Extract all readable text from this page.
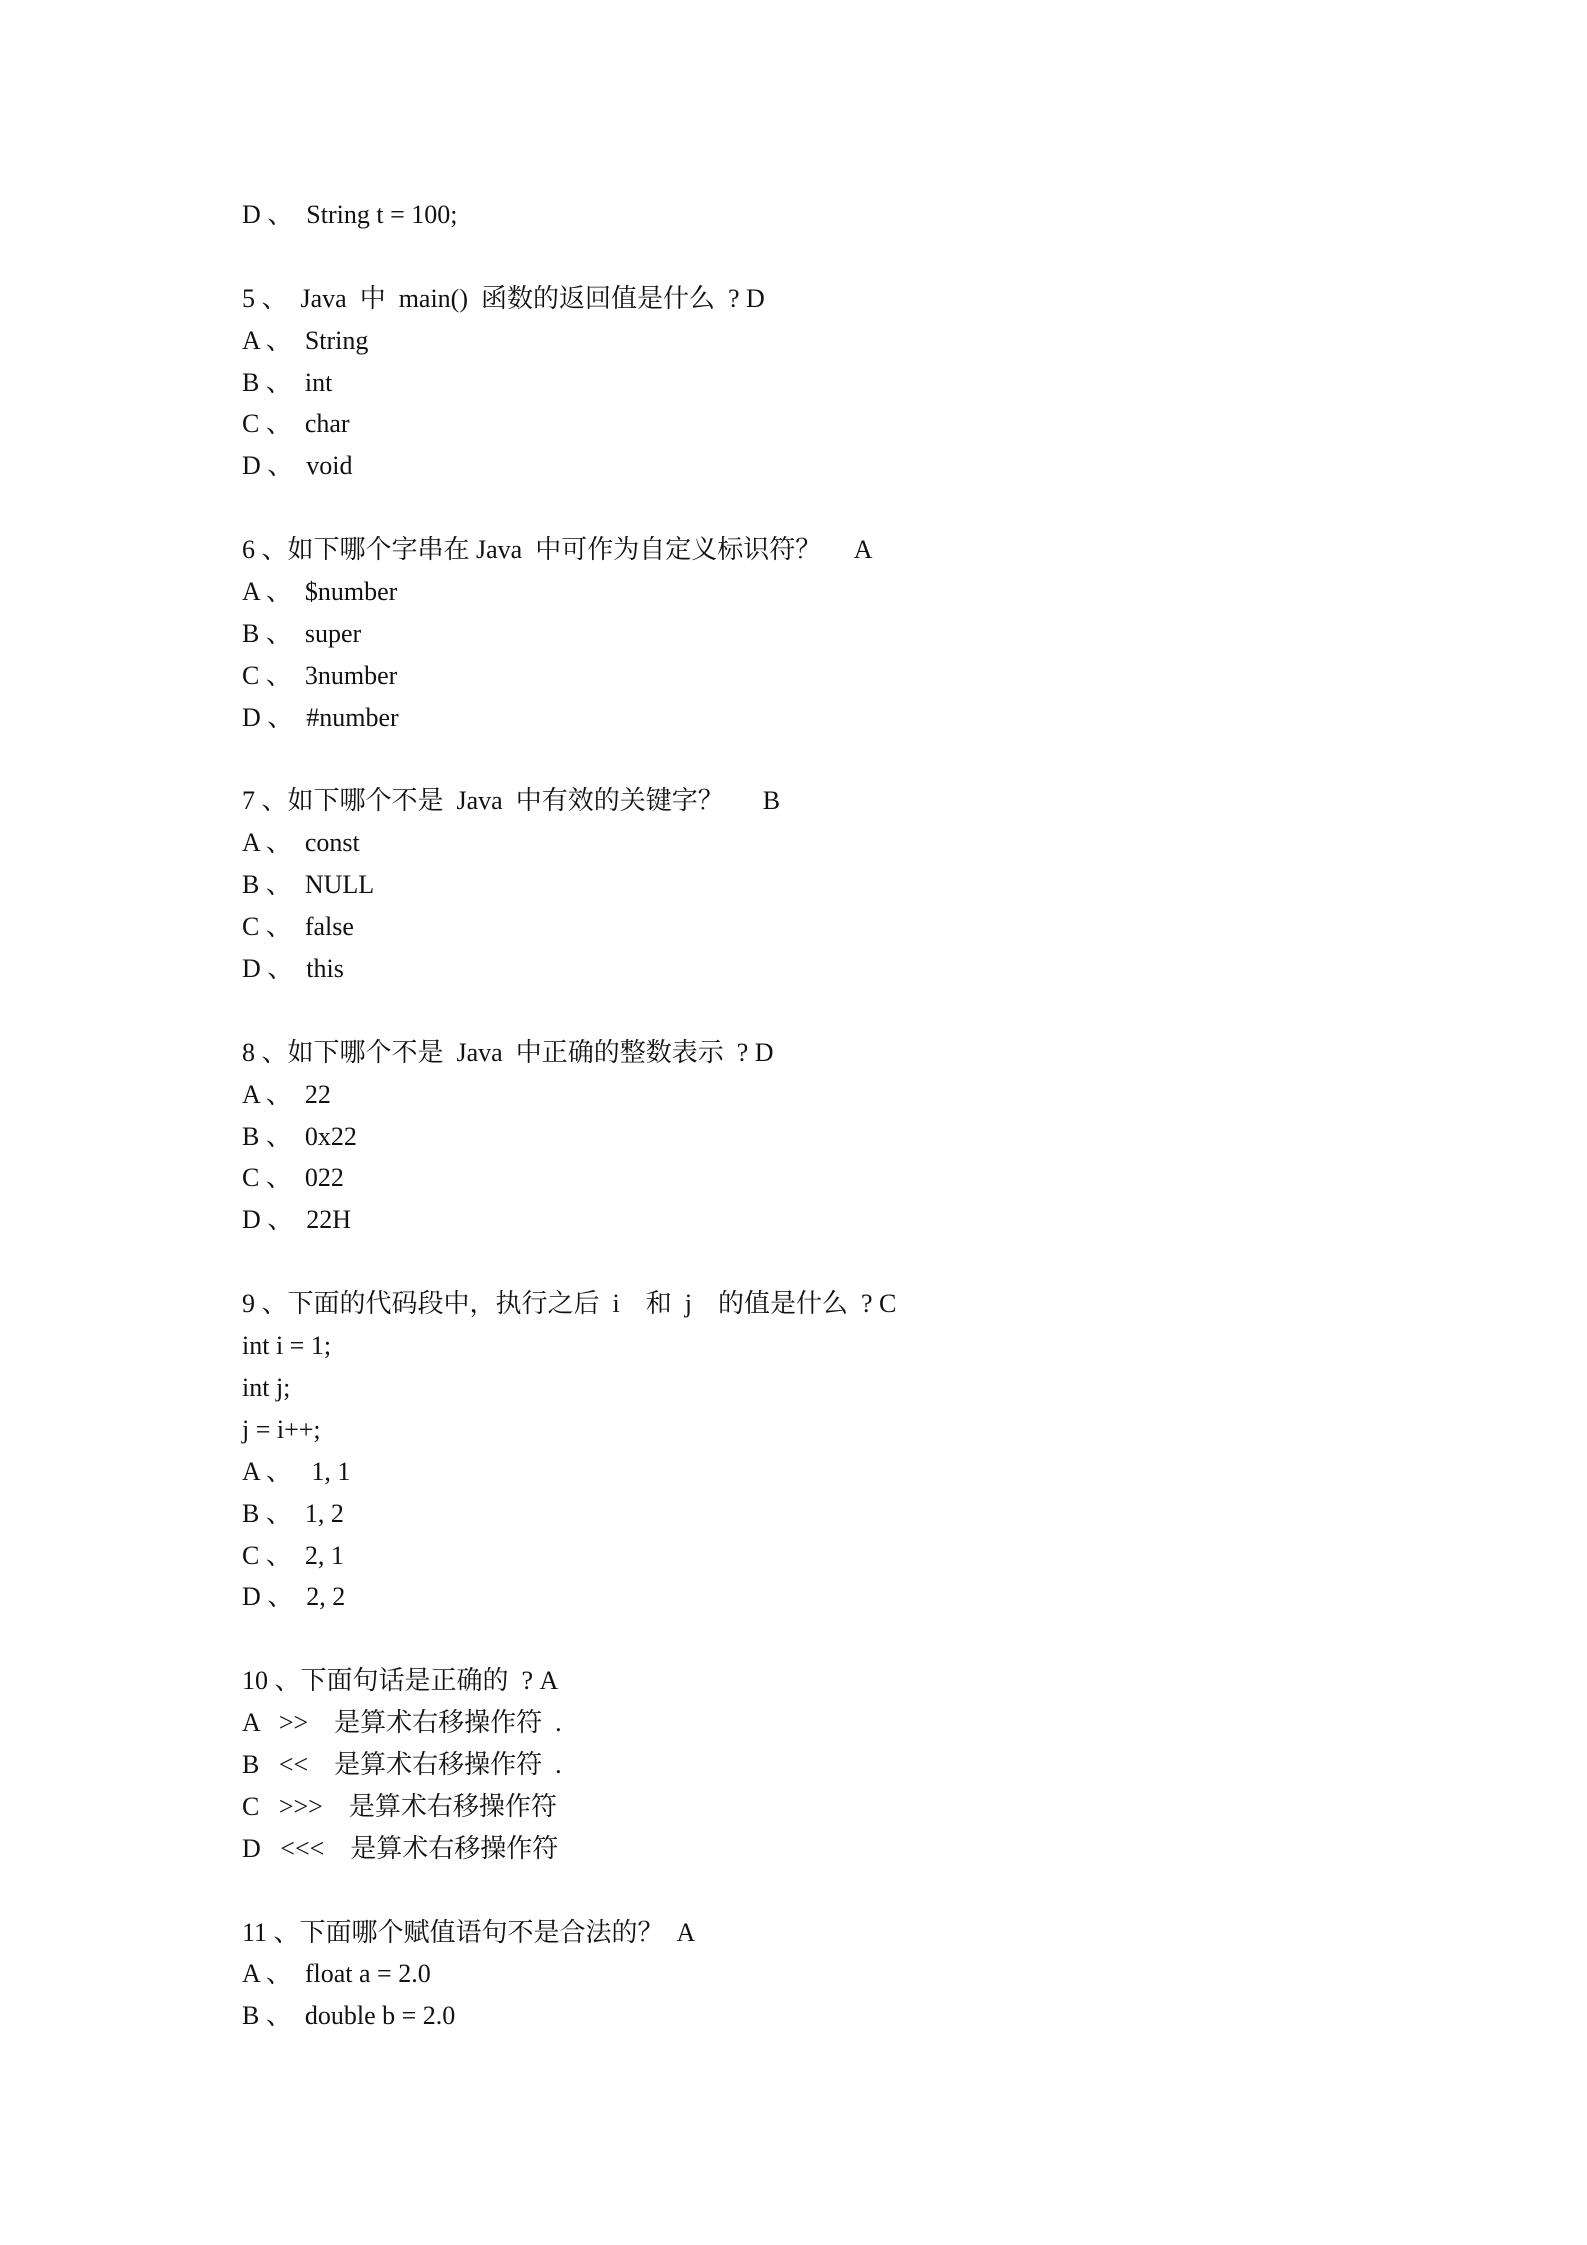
D 、  String t = 100;
5 、  Java  中  main()  函数的返回值是什么  ? D
A 、  String
B 、  int
C 、  char
D 、  void
6 、如下哪个字串在 Java  中可作为自定义标识符？     A
A 、  $number
B 、  super
C 、  3number
D 、  #number
7 、如下哪个不是  Java  中有效的关键字？      B
A 、  const
B 、  NULL
C 、  false
D 、  this
8 、如下哪个不是  Java  中正确的整数表示  ? D
A 、  22
B 、  0x22
C 、  022
D 、  22H
9 、下面的代码段中，执行之后  i    和  j    的值是什么  ? C
int i = 1;
int j;
j = i++;
A 、   1, 1
B 、  1, 2
C 、  2, 1
D 、  2, 2
10 、下面句话是正确的  ? A
A   >>    是算术右移操作符  .
B   <<    是算术右移操作符  .
C   >>>    是算术右移操作符
D   <<<    是算术右移操作符
11 、下面哪个赋值语句不是合法的？  A
A 、  float a = 2.0
B 、  double b = 2.0
